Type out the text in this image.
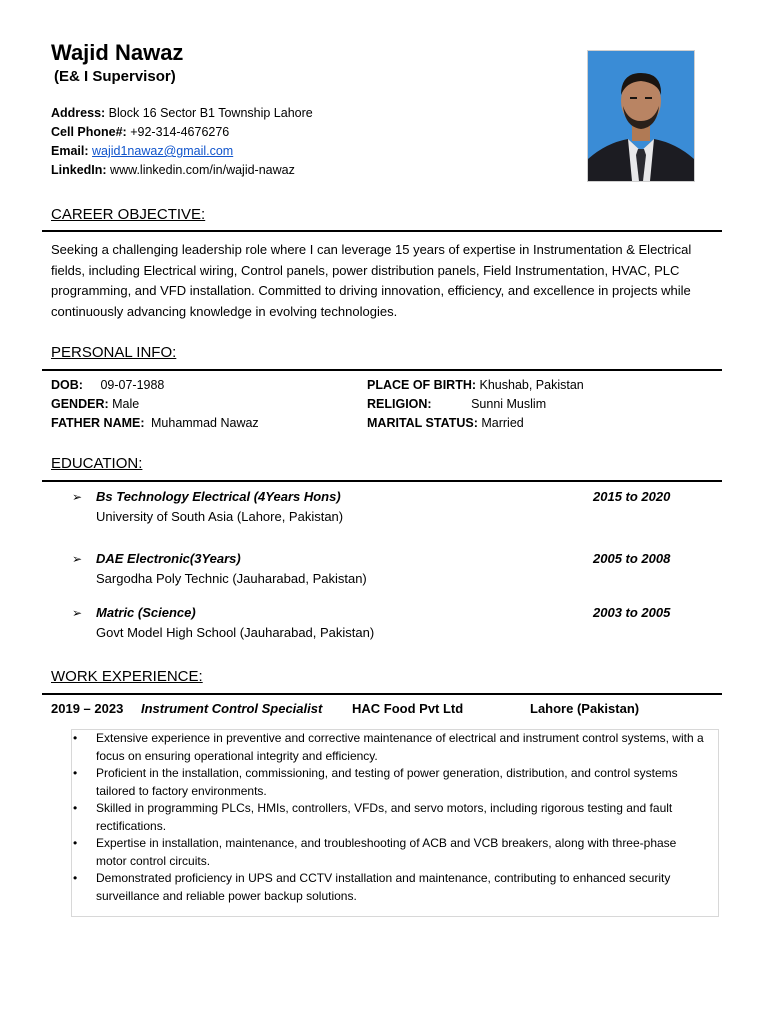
Wajid Nawaz
(E& I Supervisor)
Address: Block 16 Sector B1 Township Lahore
Cell Phone#: +92-314-4676276
Email: wajid1nawaz@gmail.com
LinkedIn: www.linkedin.com/in/wajid-nawaz
CAREER OBJECTIVE:
Seeking a challenging leadership role where I can leverage 15 years of expertise in Instrumentation & Electrical fields, including Electrical wiring, Control panels, power distribution panels, Field Instrumentation, HVAC, PLC programming, and VFD installation. Committed to driving innovation, efficiency, and excellence in projects while continuously advancing knowledge in evolving technologies.
PERSONAL INFO:
DOB: 09-07-1988
GENDER: Male
FATHER NAME: Muhammad Nawaz
PLACE OF BIRTH: Khushab, Pakistan
RELIGION:	Sunni Muslim
MARITAL STATUS: Married
EDUCATION:
➢ Bs Technology Electrical (4Years Hons)
University of South Asia (Lahore, Pakistan)
2015 to 2020
➢ DAE Electronic(3Years)
Sargodha Poly Technic (Jauharabad, Pakistan)
2005 to 2008
➢ Matric (Science)
Govt Model High School (Jauharabad, Pakistan)
2003 to 2005
WORK EXPERIENCE:
2019 – 2023 Instrument Control Specialist HAC Food Pvt Ltd	Lahore (Pakistan)
• Extensive experience in preventive and corrective maintenance of electrical and instrument control systems, with a focus on ensuring operational integrity and efficiency.
• Proficient in the installation, commissioning, and testing of power generation, distribution, and control systems tailored to factory environments.
• Skilled in programming PLCs, HMIs, controllers, VFDs, and servo motors, including rigorous testing and fault rectifications.
• Expertise in installation, maintenance, and troubleshooting of ACB and VCB breakers, along with three-phase motor control circuits.
• Demonstrated proficiency in UPS and CCTV installation and maintenance, contributing to enhanced security surveillance and reliable power backup solutions.
